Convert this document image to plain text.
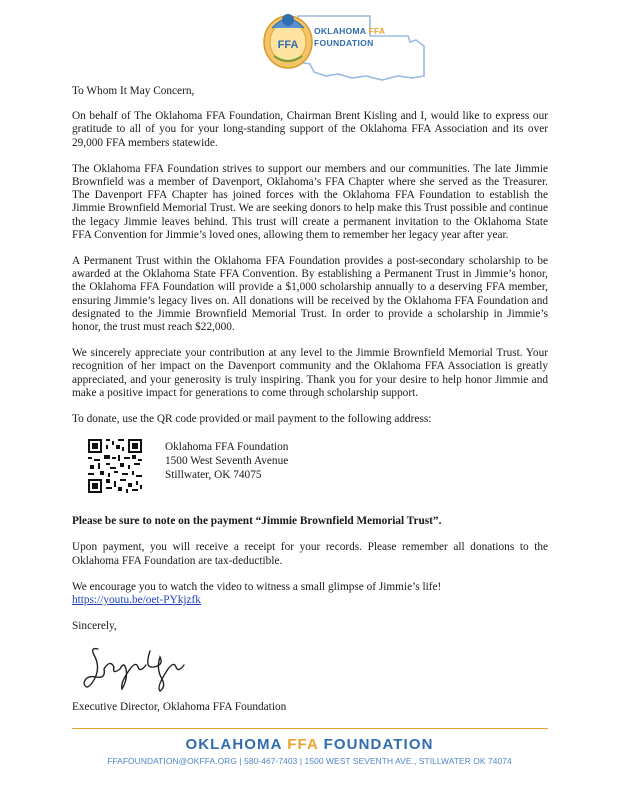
FFA
OKLAHOMA FFA
FOUNDATION

To Whom It May Concern,

On behalf of The Oklahoma FFA Foundation, Chairman Brent Kisling and I, would like to express our gratitude to all of you for your long-standing support of the Oklahoma FFA Association and its over 29,000 FFA members statewide.

The Oklahoma FFA Foundation strives to support our members and our communities. The late Jimmie Brownfield was a member of Davenport, Oklahoma’s FFA Chapter where she served as the Treasurer. The Davenport FFA Chapter has joined forces with the Oklahoma FFA Foundation to establish the Jimmie Brownfield Memorial Trust. We are seeking donors to help make this Trust possible and continue the legacy Jimmie leaves behind. This trust will create a permanent invitation to the Oklahoma State FFA Convention for Jimmie’s loved ones, allowing them to remember her legacy year after year.

A Permanent Trust within the Oklahoma FFA Foundation provides a post-secondary scholarship to be awarded at the Oklahoma State FFA Convention. By establishing a Permanent Trust in Jimmie’s honor, the Oklahoma FFA Foundation will provide a $1,000 scholarship annually to a deserving FFA member, ensuring Jimmie’s legacy lives on. All donations will be received by the Oklahoma FFA Foundation and designated to the Jimmie Brownfield Memorial Trust. In order to provide a scholarship in Jimmie’s honor, the trust must reach $22,000.

We sincerely appreciate your contribution at any level to the Jimmie Brownfield Memorial Trust. Your recognition of her impact on the Davenport community and the Oklahoma FFA Association is greatly appreciated, and your generosity is truly inspiring. Thank you for your desire to help honor Jimmie and make a positive impact for generations to come through scholarship support.

To donate, use the QR code provided or mail payment to the following address:

Oklahoma FFA Foundation
1500 West Seventh Avenue
Stillwater, OK 74075

Please be sure to note on the payment “Jimmie Brownfield Memorial Trust”.

Upon payment, you will receive a receipt for your records. Please remember all donations to the Oklahoma FFA Foundation are tax-deductible.

We encourage you to watch the video to witness a small glimpse of Jimmie’s life!

https://youtu.be/oet-PYkjzfk

Sincerely,

Executive Director, Oklahoma FFA Foundation

OKLAHOMA FFA FOUNDATION
FFAFOUNDATION@OKFFA.ORG | 580-467-7403 | 1500 WEST SEVENTH AVE., STILLWATER OK 74074
